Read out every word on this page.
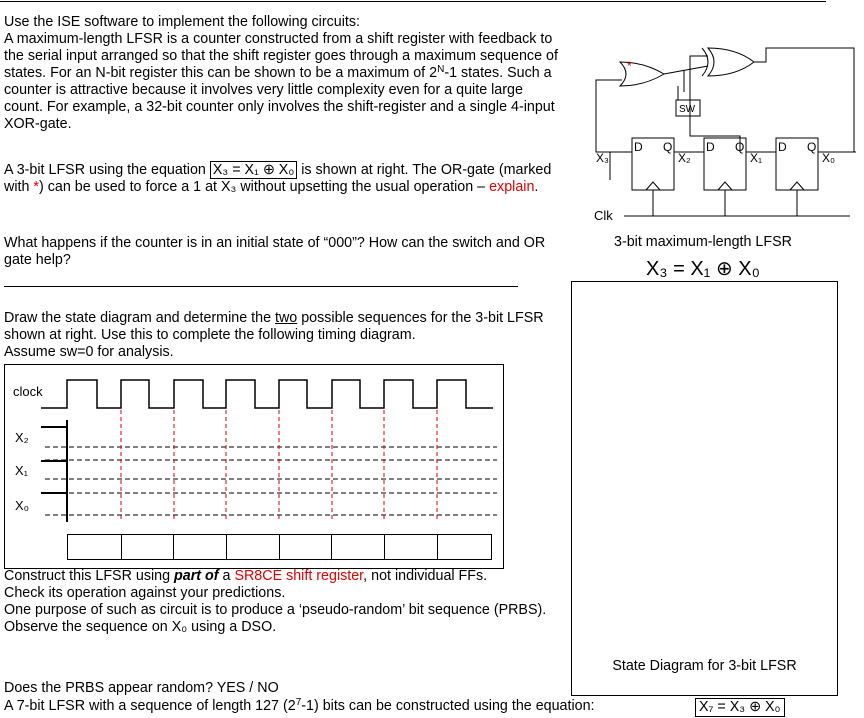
Use the ISE software to implement the following circuits:
A maximum-length LFSR is a counter constructed from a shift register with feedback to the serial input arranged so that the shift register goes through a maximum sequence of states. For an N-bit register this can be shown to be a maximum of $2^N-1$ states. Such a counter is attractive because it involves very little complexity even for a quite large count. For example, a 32-bit counter only involves the shift-register and a single 4-input XOR-gate.
A 3-bit LFSR using the equation X₃ = X₁ ⊕ X₀ is shown at right. The OR-gate (marked with *) can be used to force a 1 at X₃ without upsetting the usual operation – explain.
What happens if the counter is in an initial state of “000”? How can the switch and OR gate help?
Draw the state diagram and determine the two possible sequences for the 3-bit LFSR shown at right. Use this to complete the following timing diagram.
Assume sw=0 for analysis.
clock
X₂
X₁
X₀
Construct this LFSR using part of a SR8CE shift register, not individual FFs.
Check its operation against your predictions.
One purpose of such as circuit is to produce a ‘pseudo-random’ bit sequence (PRBS).
Observe the sequence on X₀ using a DSO.
Does the PRBS appear random? YES / NO
A 7-bit LFSR with a sequence of length 127 $(2^7-1)$ bits can be constructed using the equation:	X₇ = X₃ ⊕ X₀
*
SW
D Q	D Q	D Q
X₃	X₂	X₁	X₀
Clk
3-bit maximum-length LFSR
X₃ = X₁ ⊕ X₀
State Diagram for 3-bit LFSR
